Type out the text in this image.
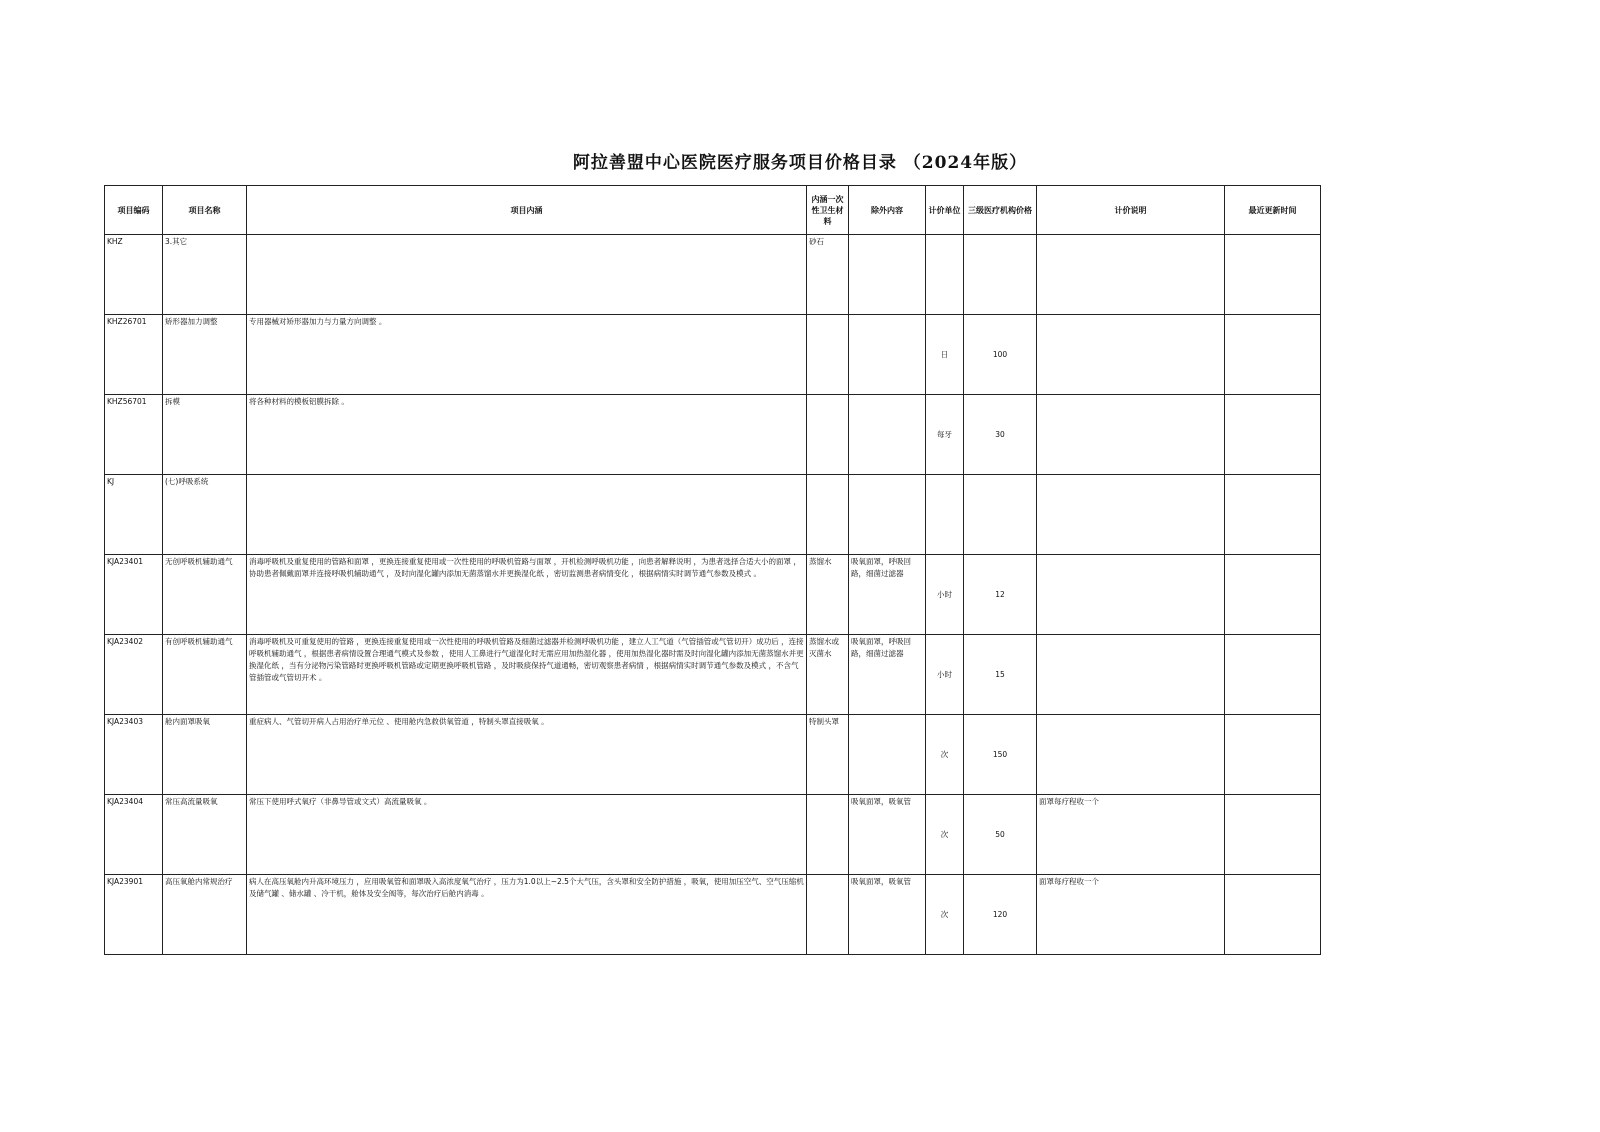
阿拉善盟中心医院医疗服务项目价格目录 （2024年版）
项目编码	项目名称	项目内涵	内涵一次性卫生材料	除外内容	计价单位	三级医疗机构价格	计价说明	最近更新时间
KHZ	3.其它		砂石					
KHZ26701	矫形器加力调整	专用器械对矫形器加力与力量方向调整 。			日	100		
KHZ56701	拆模	将各种材料的模板铝膜拆除 。			每牙	30		
KJ	(七)呼吸系统							
KJA23401	无创呼吸机辅助通气	消毒呼吸机及重复使用的管路和面罩 ，更换连接重复使用或一次性使用的呼吸机管路与面罩 ，开机检测呼吸机功能 ，向患者解释说明 ，为患者选择合适大小的面罩 ，协助患者佩戴面罩并连接呼吸机辅助通气 ，及时向湿化罐内添加无菌蒸馏水并更换湿化纸 ，密切监测患者病情变化 ，根据病情实时调节通气参数及模式 。	蒸馏水	吸氧面罩，呼吸回路，细菌过滤器	小时	12		
KJA23402	有创呼吸机辅助通气	消毒呼吸机及可重复使用的管路 ，更换连接重复使用或一次性使用的呼吸机管路及细菌过滤器并检测呼吸机功能 ，建立人工气道（气管插管或气管切开）成功后 ，连接呼吸机辅助通气 ，根据患者病情设置合理通气模式及参数 ，使用人工鼻进行气道湿化时无需应用加热湿化器 ，使用加热湿化器时需及时向湿化罐内添加无菌蒸馏水并更换湿化纸 ，当有分泌物污染管路时更换呼吸机管路或定期更换呼吸机管路 ，及时吸痰保持气道通畅，密切观察患者病情 ，根据病情实时调节通气参数及模式 ，不含气管插管或气管切开术 。	蒸馏水或灭菌水	吸氧面罩，呼吸回路，细菌过滤器	小时	15		
KJA23403	舱内面罩吸氧	重症病人、气管切开病人占用治疗单元位 、使用舱内急救供氧管道 ，特制头罩直接吸氧 。	特制头罩		次	150		
KJA23404	常压高流量吸氧	常压下使用呼式氧疗（非鼻导管或文式）高流量吸氧 。		吸氧面罩，吸氧管	次	50	面罩每疗程收一个	
KJA23901	高压氧舱内常规治疗	病人在高压氧舱内升高环境压力 ，应用吸氧管和面罩吸入高浓度氧气治疗 ，压力为1.0以上~2.5个大气压，含头罩和安全防护措施 ，吸氧，使用加压空气、空气压缩机及储气罐 、储水罐 、冷干机，舱体及安全阀等，每次治疗后舱内消毒 。		吸氧面罩，吸氧管	次	120	面罩每疗程收一个	
